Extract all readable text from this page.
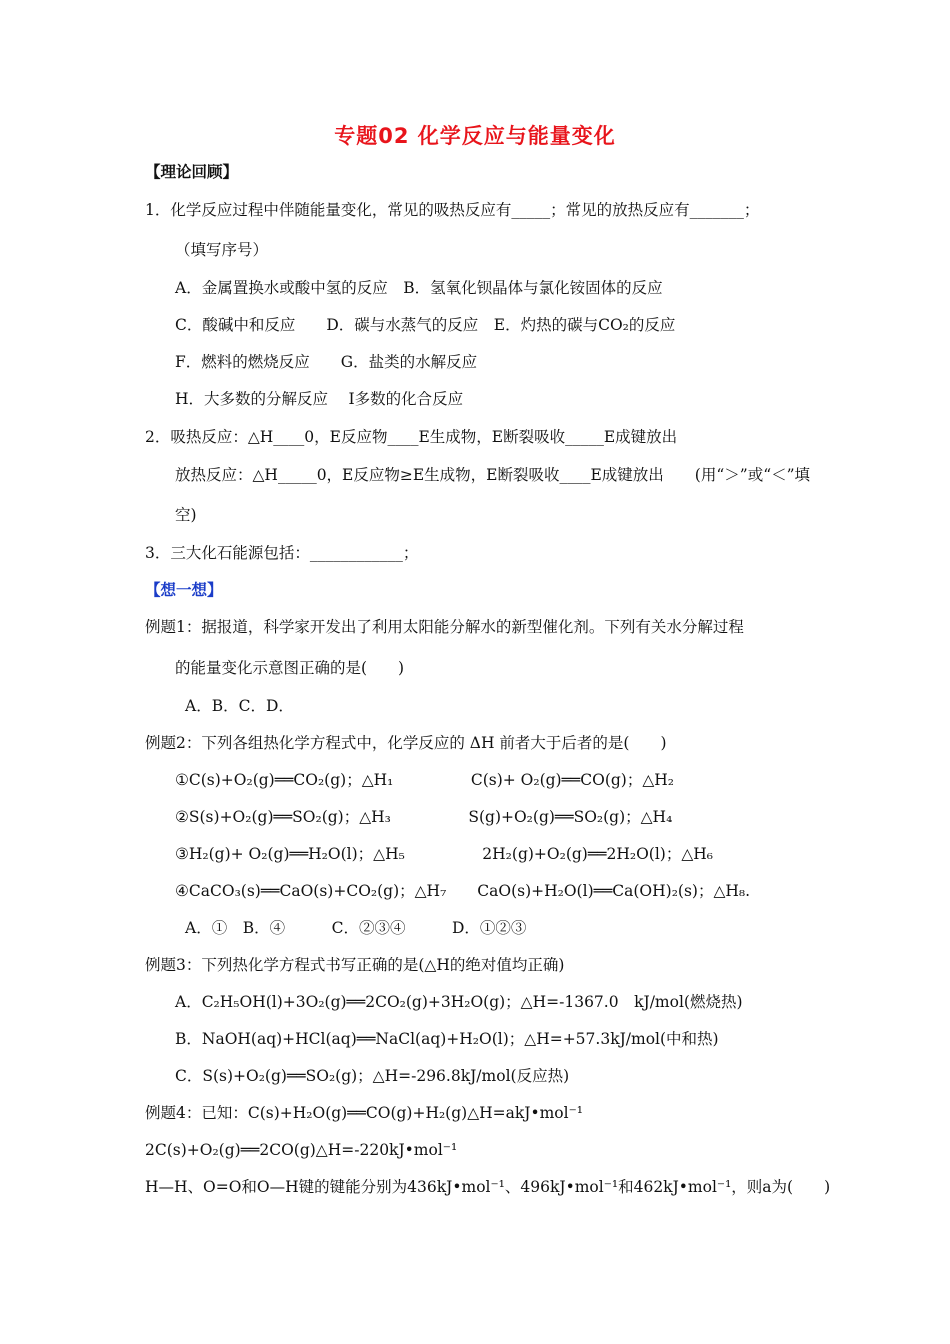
专题02 化学反应与能量变化
【理论回顾】
1．化学反应过程中伴随能量变化，常见的吸热反应有_____；常见的放热反应有_______；
（填写序号）
A．金属置换水或酸中氢的反应　B．氢氧化钡晶体与氯化铵固体的反应
C．酸碱中和反应　　D．碳与水蒸气的反应　E．灼热的碳与CO₂的反应
F．燃料的燃烧反应　　G．盐类的水解反应
H．大多数的分解反应　 I多数的化合反应
2．吸热反应：△H____0，E反应物____E生成物，E断裂吸收_____E成键放出
放热反应：△H_____0，E反应物≥E生成物，E断裂吸收____E成键放出　　(用“＞”或“＜”填
空)
3．三大化石能源包括：____________；
【想一想】
例题1：据报道，科学家开发出了利用太阳能分解水的新型催化剂。下列有关水分解过程
的能量变化示意图正确的是(　　)
A．B．C．D．
例题2：下列各组热化学方程式中，化学反应的 ΔH 前者大于后者的是(　　)
①C(s)+O₂(g)══CO₂(g)；△H₁　　　　　C(s)+ O₂(g)══CO(g)；△H₂
②S(s)+O₂(g)══SO₂(g)；△H₃　　　　　S(g)+O₂(g)══SO₂(g)；△H₄
③H₂(g)+ O₂(g)══H₂O(l)；△H₅　　　　　2H₂(g)+O₂(g)══2H₂O(l)；△H₆
④CaCO₃(s)══CaO(s)+CO₂(g)；△H₇　　CaO(s)+H₂O(l)══Ca(OH)₂(s)；△H₈.
A．①　B．④　　　C．②③④　　　D．①②③
例题3：下列热化学方程式书写正确的是(△H的绝对值均正确)
A．C₂H₅OH(l)+3O₂(g)══2CO₂(g)+3H₂O(g)；△H=-1367.0　kJ/mol(燃烧热)
B．NaOH(aq)+HCl(aq)══NaCl(aq)+H₂O(l)；△H=+57.3kJ/mol(中和热)
C．S(s)+O₂(g)══SO₂(g)；△H=-296.8kJ/mol(反应热)
例题4：已知：C(s)+H₂O(g)══CO(g)+H₂(g)△H=akJ•mol⁻¹
2C(s)+O₂(g)══2CO(g)△H=-220kJ•mol⁻¹
H—H、O=O和O—H键的键能分别为436kJ•mol⁻¹、496kJ•mol⁻¹和462kJ•mol⁻¹，则a为(　　)
